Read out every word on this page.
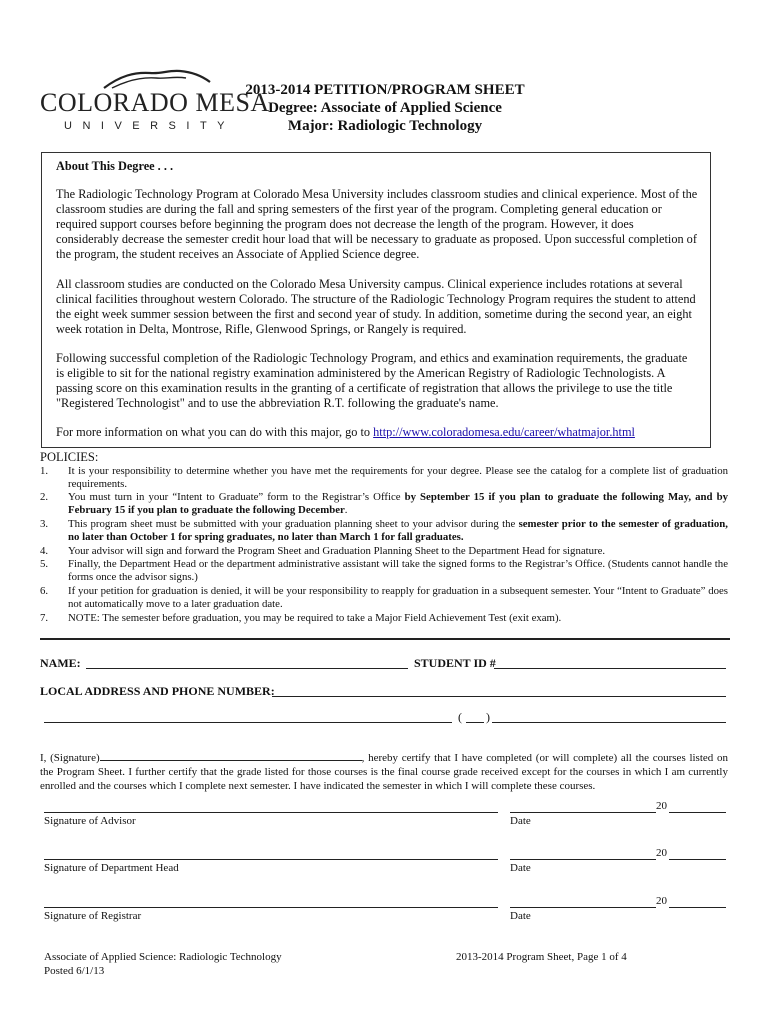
COLORADO MESA
UNIVERSITY
2013-2014 PETITION/PROGRAM SHEET
Degree: Associate of Applied Science
Major: Radiologic Technology
About This Degree . . .

The Radiologic Technology Program at Colorado Mesa University includes classroom studies and clinical experience. Most of the classroom studies are during the fall and spring semesters of the first year of the program. Completing general education or required support courses before beginning the program does not decrease the length of the program. However, it does considerably decrease the semester credit hour load that will be necessary to graduate as proposed. Upon successful completion of the program, the student receives an Associate of Applied Science degree.

All classroom studies are conducted on the Colorado Mesa University campus. Clinical experience includes rotations at several clinical facilities throughout western Colorado. The structure of the Radiologic Technology Program requires the student to attend the eight week summer session between the first and second year of study. In addition, sometime during the second year, an eight week rotation in Delta, Montrose, Rifle, Glenwood Springs, or Rangely is required.

Following successful completion of the Radiologic Technology Program, and ethics and examination requirements, the graduate is eligible to sit for the national registry examination administered by the American Registry of Radiologic Technologists. A passing score on this examination results in the granting of a certificate of registration that allows the privilege to use the title "Registered Technologist" and to use the abbreviation R.T. following the graduate's name.

For more information on what you can do with this major, go to http://www.coloradomesa.edu/career/whatmajor.html

POLICIES:
1.	It is your responsibility to determine whether you have met the requirements for your degree. Please see the catalog for a complete list of graduation requirements.
2.	You must turn in your “Intent to Graduate” form to the Registrar’s Office by September 15 if you plan to graduate the following May, and by February 15 if you plan to graduate the following December.
3.	This program sheet must be submitted with your graduation planning sheet to your advisor during the semester prior to the semester of graduation, no later than October 1 for spring graduates, no later than March 1 for fall graduates.
4.	Your advisor will sign and forward the Program Sheet and Graduation Planning Sheet to the Department Head for signature.
5.	Finally, the Department Head or the department administrative assistant will take the signed forms to the Registrar’s Office. (Students cannot handle the forms once the advisor signs.)
6.	If your petition for graduation is denied, it will be your responsibility to reapply for graduation in a subsequent semester. Your “Intent to Graduate” does not automatically move to a later graduation date.
7.	NOTE: The semester before graduation, you may be required to take a Major Field Achievement Test (exit exam).
NAME:	STUDENT ID #
LOCAL ADDRESS AND PHONE NUMBER:
( )
I, (Signature)	, hereby certify that I have completed (or will complete) all the courses listed on the Program Sheet. I further certify that the grade listed for those courses is the final course grade received except for the courses in which I am currently enrolled and the courses which I complete next semester. I have indicated the semester in which I will complete these courses.
Signature of Advisor
20
Date
Signature of Department Head
20
Date
Signature of Registrar
20
Date
Associate of Applied Science: Radiologic Technology
Posted 6/1/13
2013-2014 Program Sheet, Page 1 of 4
